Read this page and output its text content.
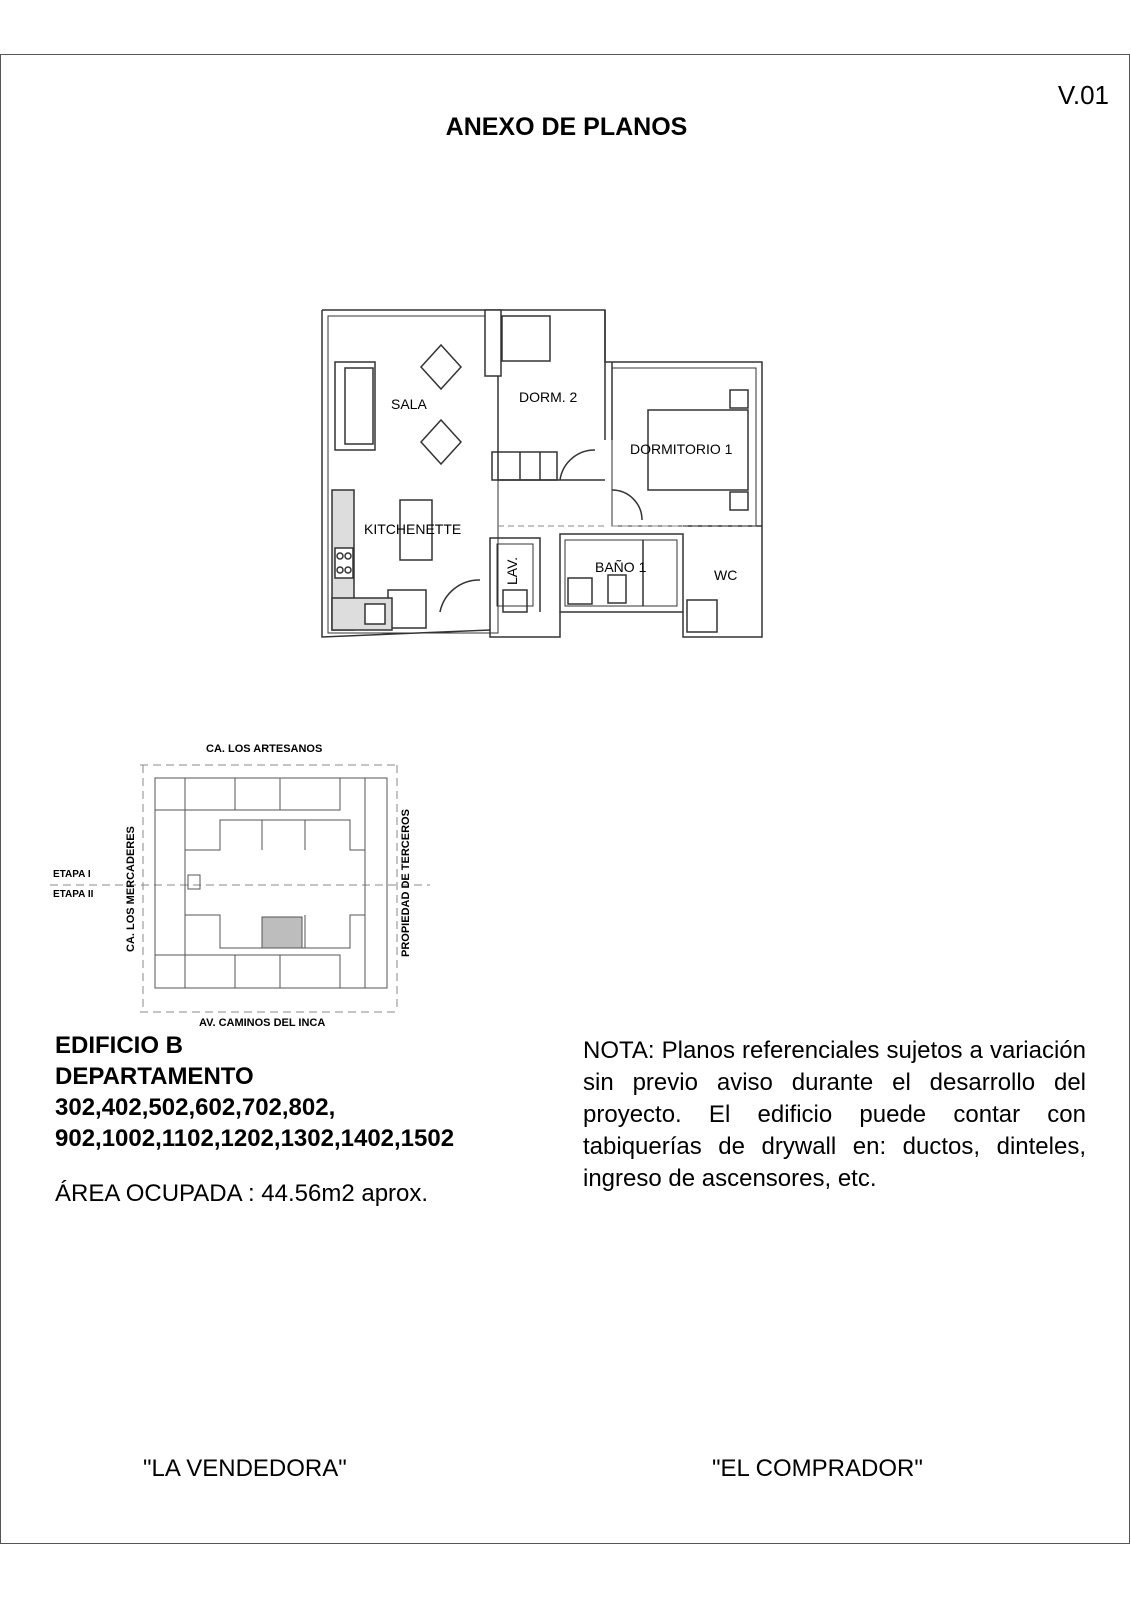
V.01
ANEXO DE PLANOS
SALA	DORM. 2
DORMITORIO 1
KITCHENETTE
LAV.	BAÑO 1	WC
CA. LOS ARTESANOS
AV. CAMINOS DEL INCA
CA. LOS MERCADERES	PROPIEDAD DE TERCEROS
ETAPA I
ETAPA II
EDIFICIO B
DEPARTAMENTO
302,402,502,602,702,802,
902,1002,1102,1202,1302,1402,1502
ÁREA OCUPADA : 44.56m2 aprox.
NOTA: Planos referenciales sujetos a variación sin previo aviso durante el desarrollo del proyecto. El edificio puede contar con tabiquerías de drywall en: ductos, dinteles, ingreso de ascensores, etc.
"LA VENDEDORA"	"EL COMPRADOR"
